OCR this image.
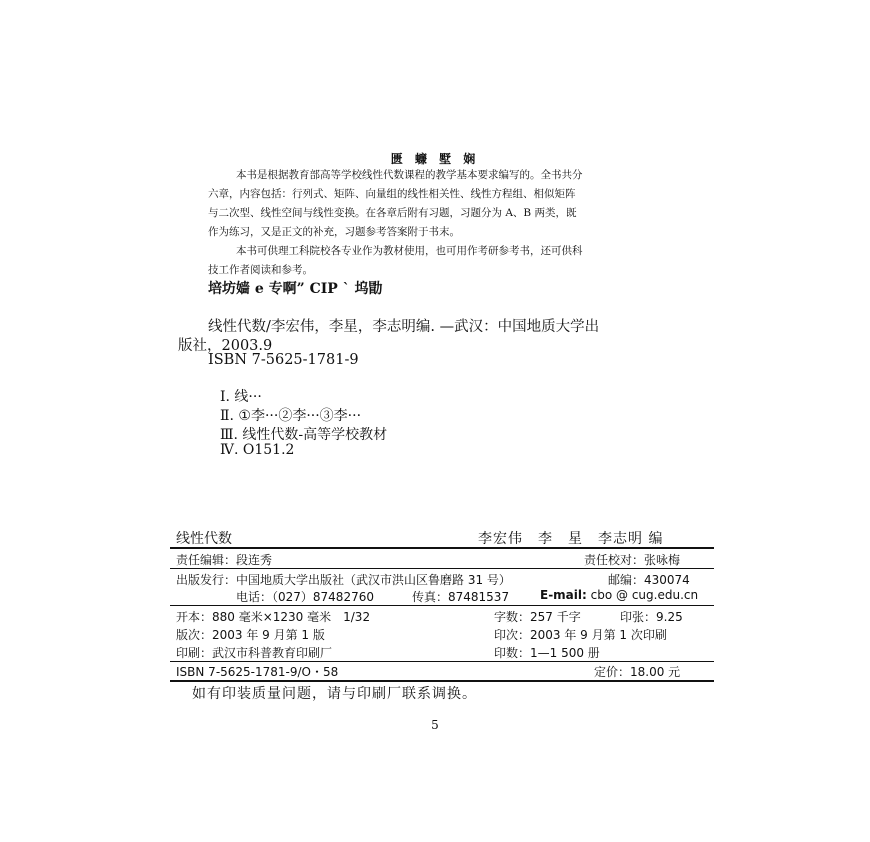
匮 蠊 墅 娴
本书是根据教育部高等学校线性代数课程的教学基本要求编写的。全书共分
六章，内容包括：行列式、矩阵、向量组的线性相关性、线性方程组、相似矩阵
与二次型、线性空间与线性变换。在各章后附有习题，习题分为 A、B 两类，既
作为练习，又是正文的补充，习题参考答案附于书末。
本书可供理工科院校各专业作为教材使用，也可用作考研参考书，还可供科
技工作者阅读和参考。
培坊嫱 e 专啊” CIP ` 坞勖
线性代数/李宏伟，李星，李志明编. —武汉：中国地质大学出
版社，2003.9
ISBN 7-5625-1781-9
Ⅰ. 线···
Ⅱ. ①李···②李···③李···
Ⅲ. 线性代数-高等学校教材
Ⅳ. O151.2
线性代数	李宏伟　李　星　李志明 编
责任编辑：段连秀	责任校对：张咏梅
出版发行：中国地质大学出版社（武汉市洪山区鲁磨路 31 号）	邮编：430074
电话：（027）87482760	传真：87481537	E-mail: cbo @ cug.edu.cn
开本：880 毫米×1230 毫米　1/32	字数：257 千字	印张：9.25
版次：2003 年 9 月第 1 版	印次：2003 年 9 月第 1 次印刷
印刷：武汉市科普教育印刷厂	印数：1—1 500 册
ISBN 7-5625-1781-9/O・58	定价：18.00 元
如有印装质量问题，请与印刷厂联系调换。
5
